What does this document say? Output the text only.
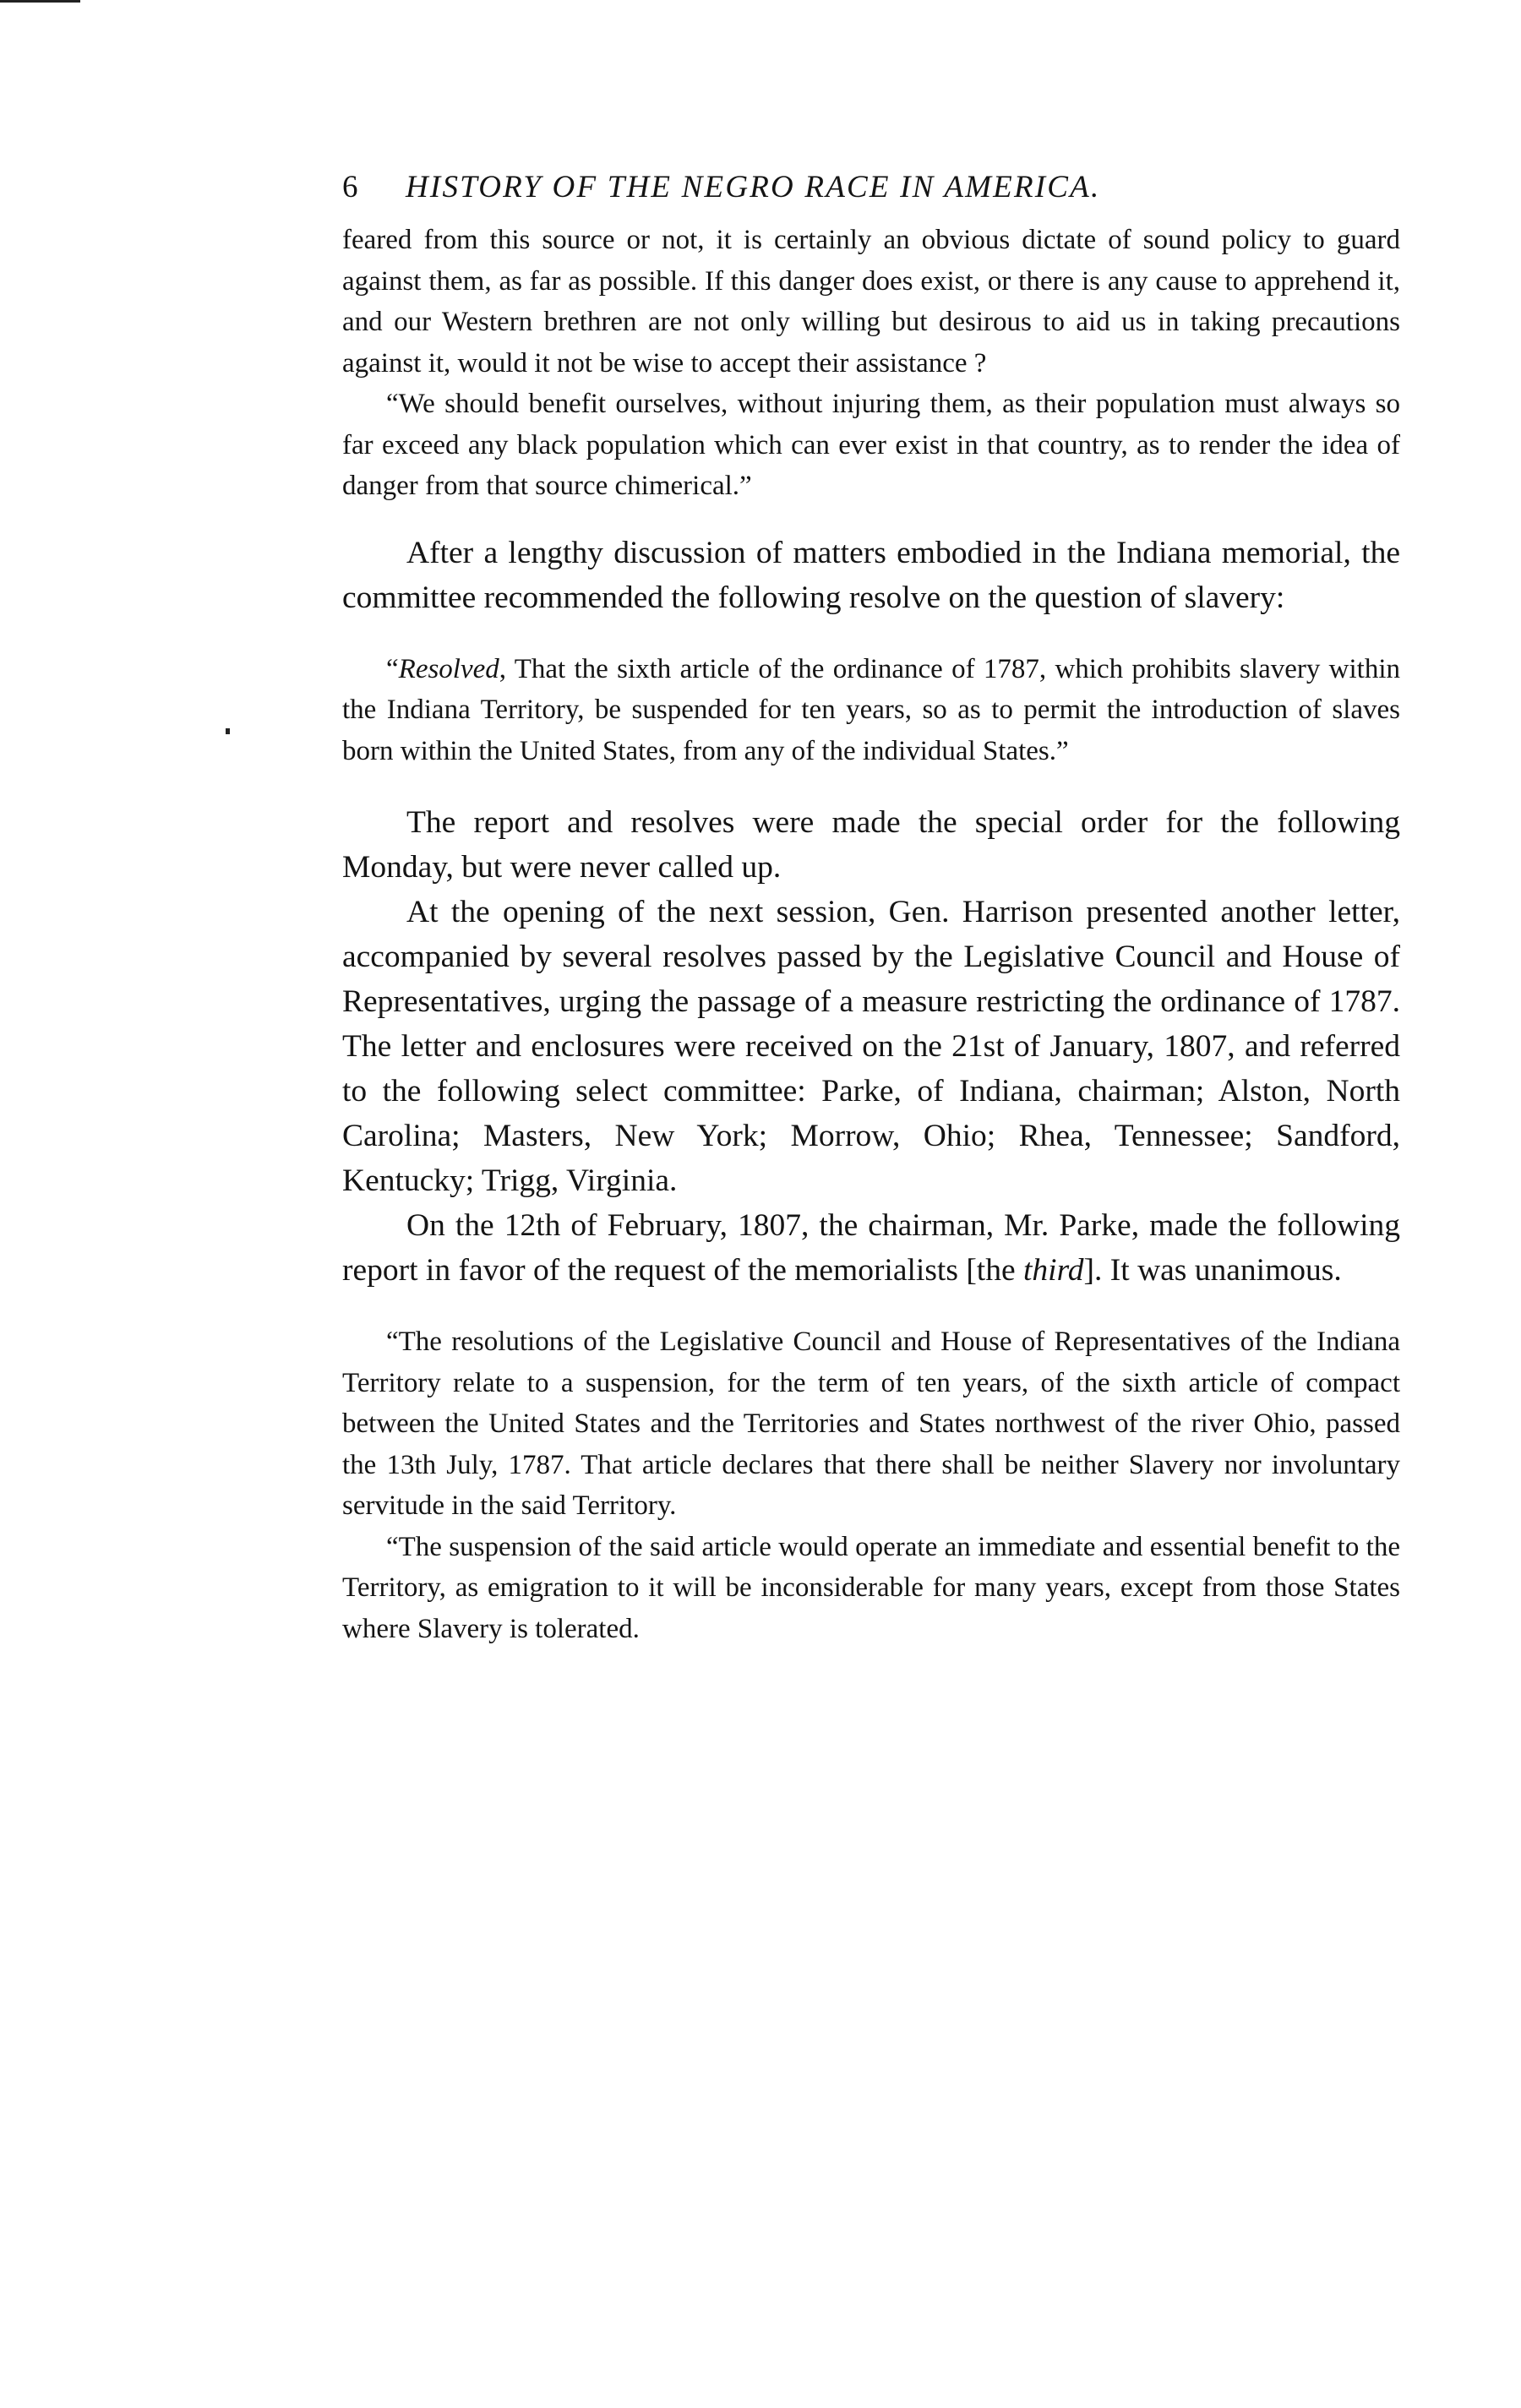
6	HISTORY OF THE NEGRO RACE IN AMERICA.

feared from this source or not, it is certainly an obvious dictate of sound policy to guard against them, as far as possible. If this danger does exist, or there is any cause to apprehend it, and our Western brethren are not only willing but desirous to aid us in taking precautions against it, would it not be wise to accept their assistance ?

“We should benefit ourselves, without injuring them, as their population must always so far exceed any black population which can ever exist in that country, as to render the idea of danger from that source chimerical.”

After a lengthy discussion of matters embodied in the Indiana memorial, the committee recommended the following resolve on the question of slavery:

“Resolved, That the sixth article of the ordinance of 1787, which prohibits slavery within the Indiana Territory, be suspended for ten years, so as to permit the introduction of slaves born within the United States, from any of the individual States.”

The report and resolves were made the special order for the following Monday, but were never called up.

At the opening of the next session, Gen. Harrison presented another letter, accompanied by several resolves passed by the Legislative Council and House of Representatives, urging the passage of a measure restricting the ordinance of 1787. The letter and enclosures were received on the 21st of January, 1807, and referred to the following select committee: Parke, of Indiana, chairman; Alston, North Carolina; Masters, New York; Morrow, Ohio; Rhea, Tennessee; Sandford, Kentucky; Trigg, Virginia.

On the 12th of February, 1807, the chairman, Mr. Parke, made the following report in favor of the request of the memorialists [the third]. It was unanimous.

“The resolutions of the Legislative Council and House of Representatives of the Indiana Territory relate to a suspension, for the term of ten years, of the sixth article of compact between the United States and the Territories and States northwest of the river Ohio, passed the 13th July, 1787. That article declares that there shall be neither Slavery nor involuntary servitude in the said Territory.

“The suspension of the said article would operate an immediate and essential benefit to the Territory, as emigration to it will be inconsiderable for many years, except from those States where Slavery is tolerated.
